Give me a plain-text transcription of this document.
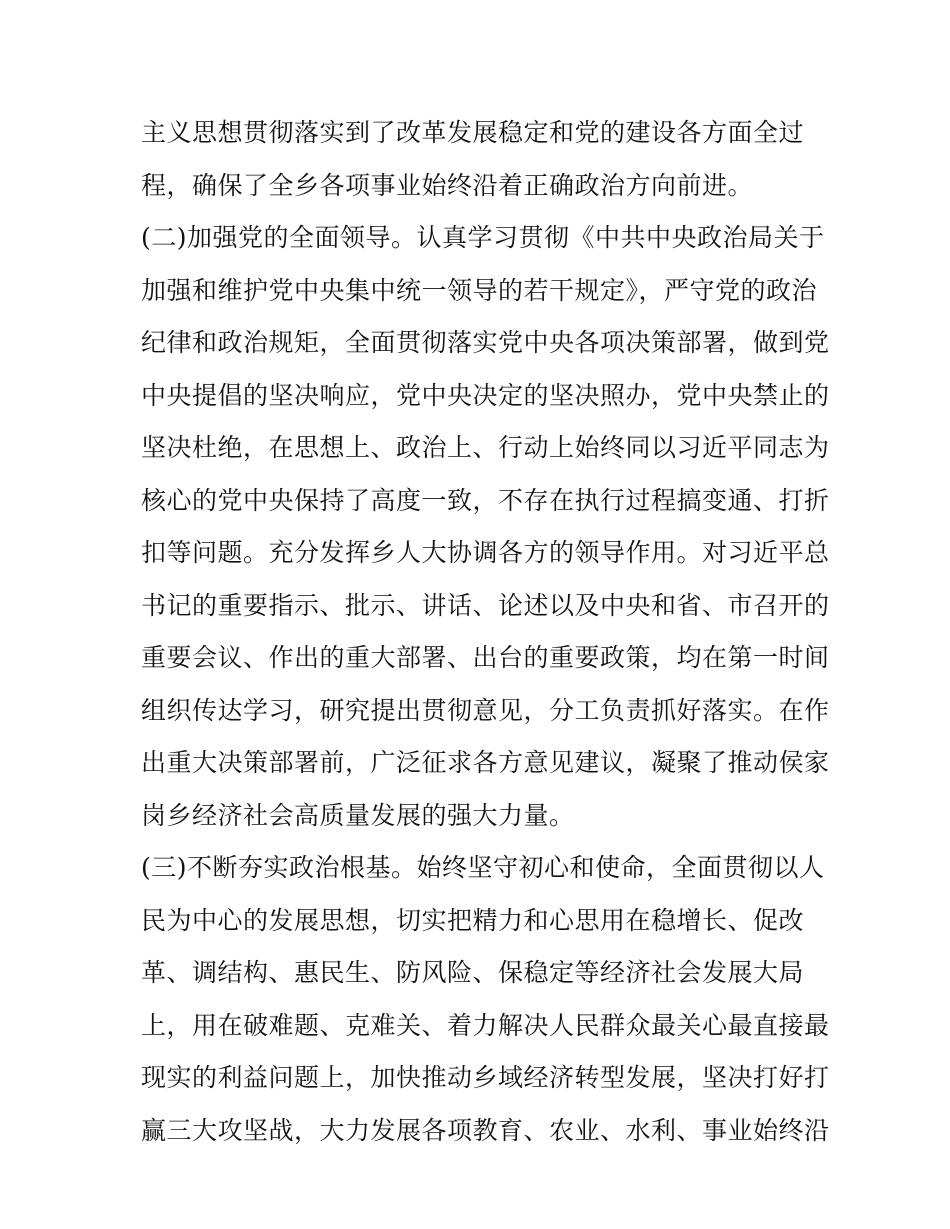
主义思想贯彻落实到了改革发展稳定和党的建设各方面全过
程，确保了全乡各项事业始终沿着正确政治方向前进。
(二)加强党的全面领导。认真学习贯彻《中共中央政治局关于
加强和维护党中央集中统一领导的若干规定》，严守党的政治
纪律和政治规矩，全面贯彻落实党中央各项决策部署，做到党
中央提倡的坚决响应，党中央决定的坚决照办，党中央禁止的
坚决杜绝，在思想上、政治上、行动上始终同以习近平同志为
核心的党中央保持了高度一致，不存在执行过程搞变通、打折
扣等问题。充分发挥乡人大协调各方的领导作用。对习近平总
书记的重要指示、批示、讲话、论述以及中央和省、市召开的
重要会议、作出的重大部署、出台的重要政策，均在第一时间
组织传达学习，研究提出贯彻意见，分工负责抓好落实。在作
出重大决策部署前，广泛征求各方意见建议，凝聚了推动侯家
岗乡经济社会高质量发展的强大力量。
(三)不断夯实政治根基。始终坚守初心和使命，全面贯彻以人
民为中心的发展思想，切实把精力和心思用在稳增长、促改
革、调结构、惠民生、防风险、保稳定等经济社会发展大局
上，用在破难题、克难关、着力解决人民群众最关心最直接最
现实的利益问题上，加快推动乡域经济转型发展，坚决打好打
赢三大攻坚战，大力发展各项教育、农业、水利、事业始终沿
